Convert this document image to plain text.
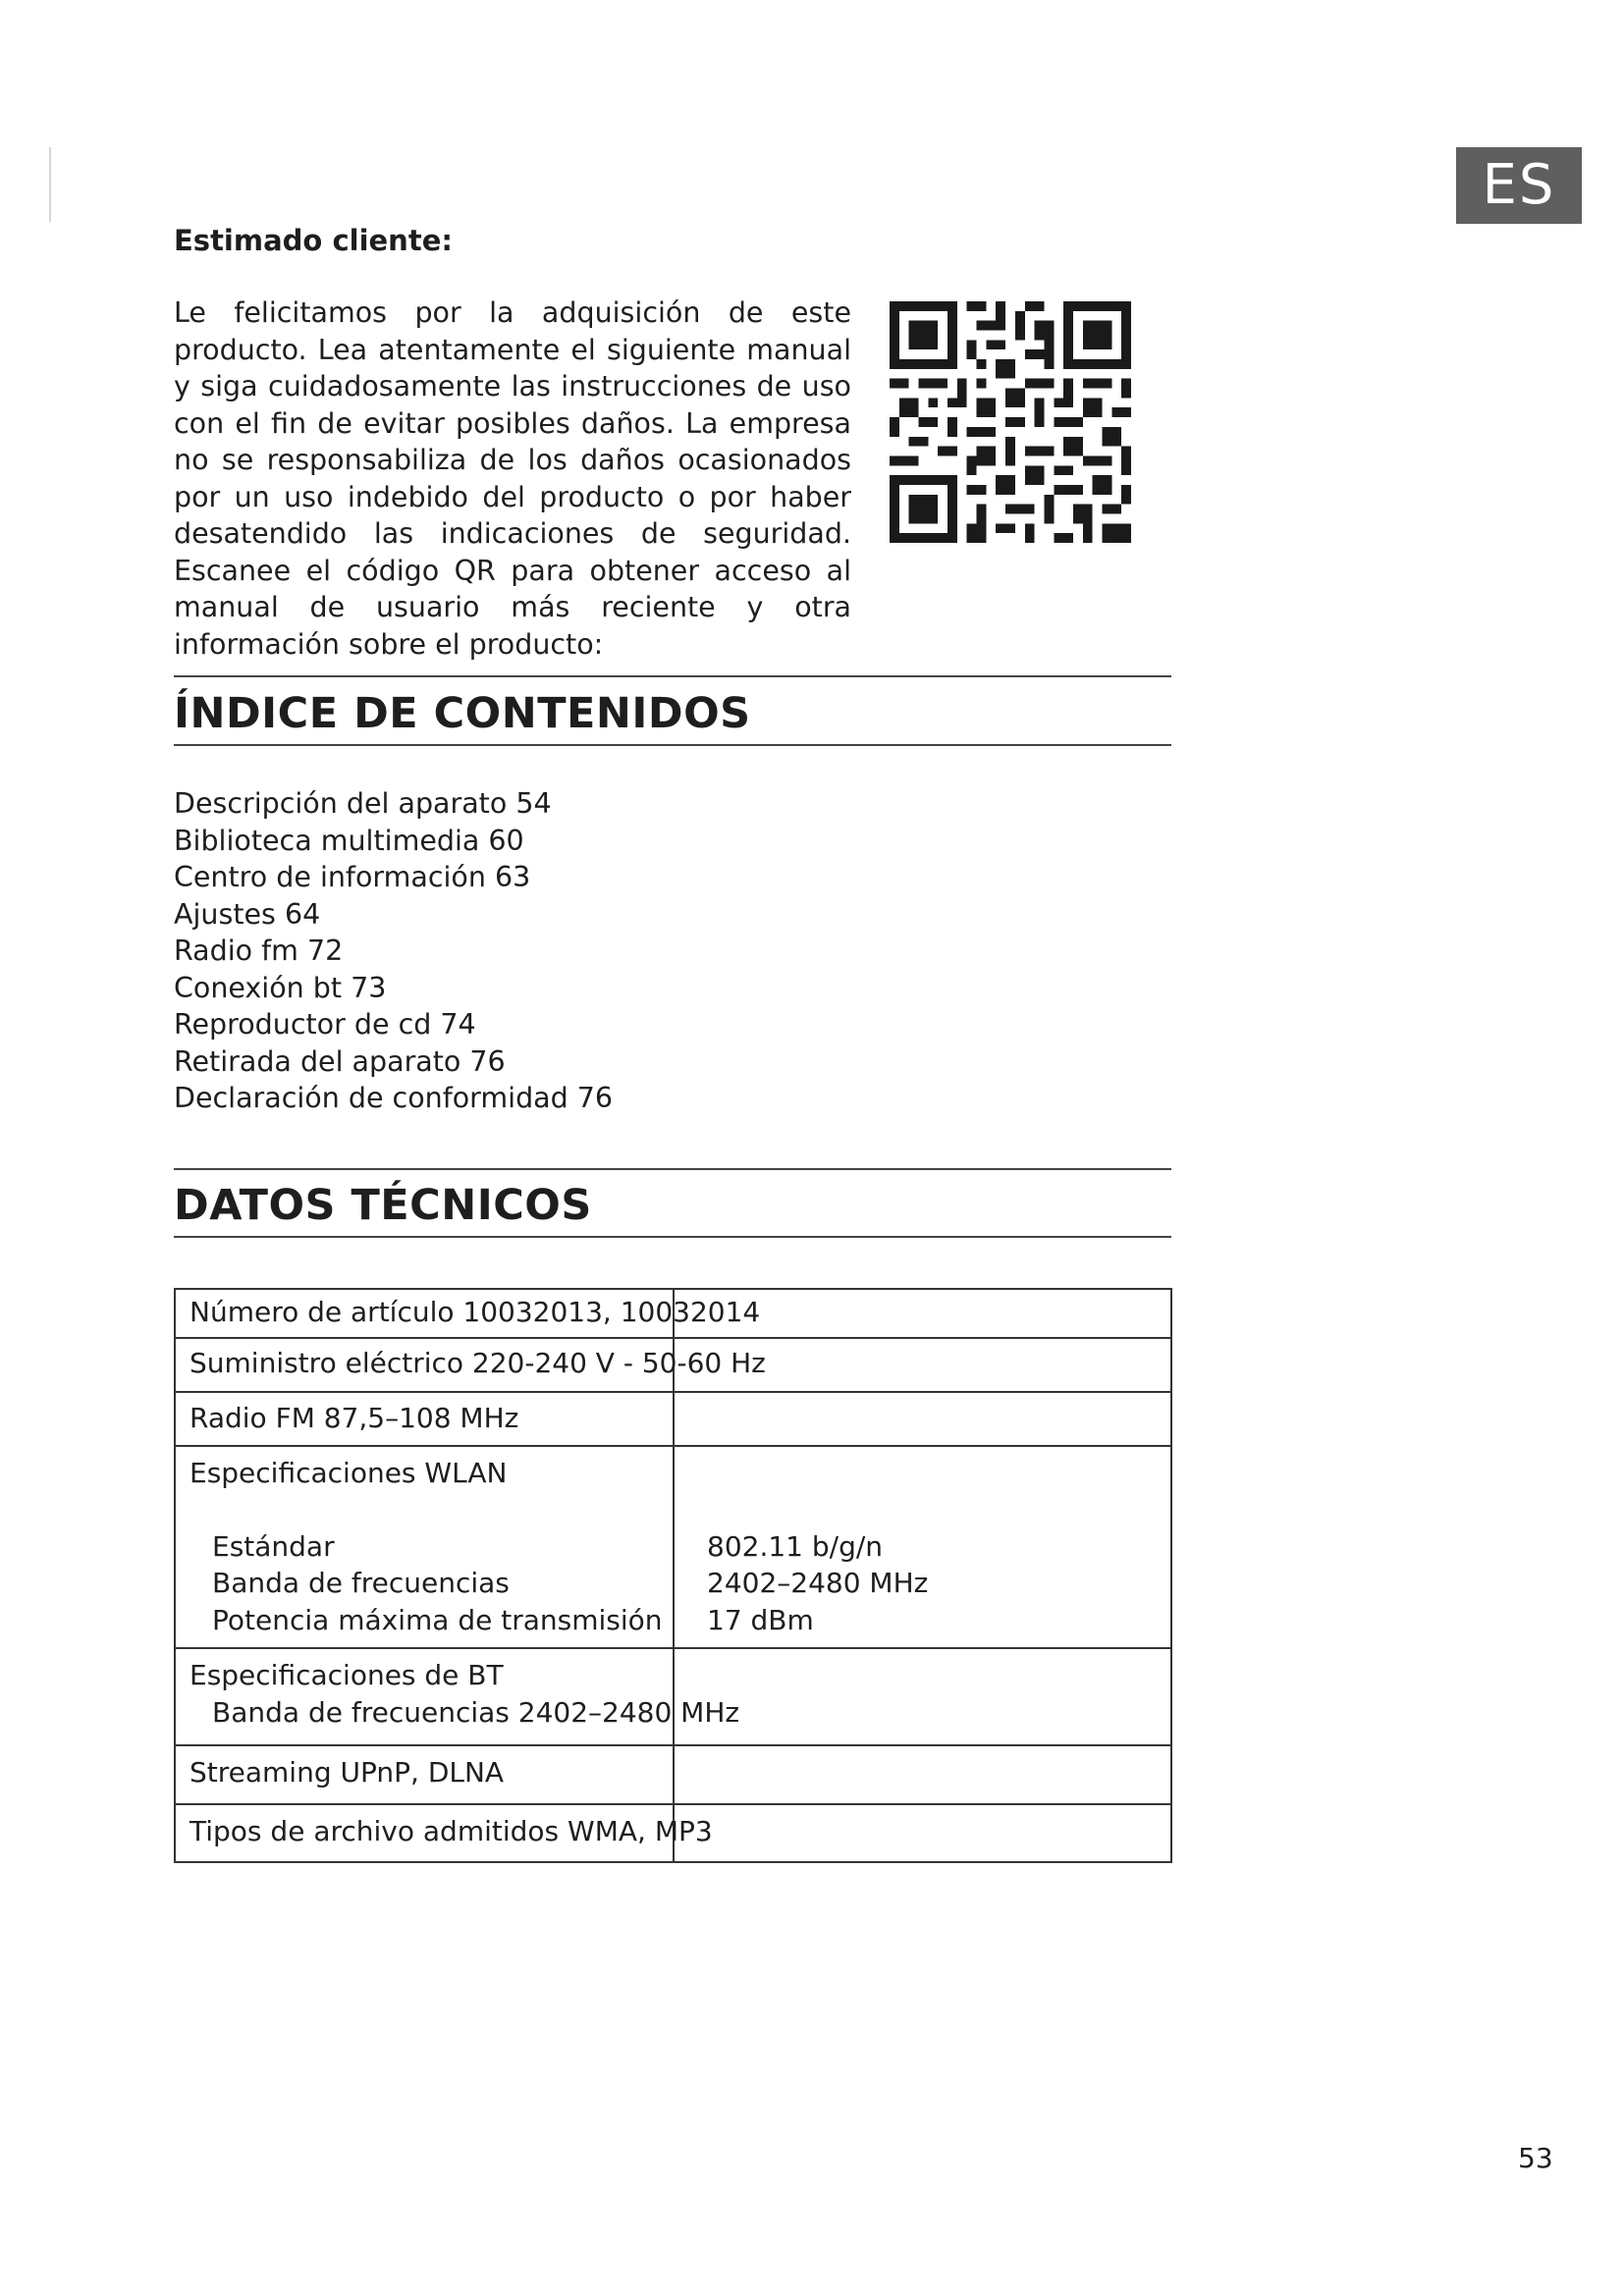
ES
Estimado cliente:

Le felicitamos por la adquisición de este producto. Lea atentamente el siguiente manual y siga cuidadosamente las instrucciones de uso con el fin de evitar posibles daños. La empresa no se responsabiliza de los daños ocasionados por un uso indebido del producto o por haber desatendido las indicaciones de seguridad. Escanee el código QR para obtener acceso al manual de usuario más reciente y otra información sobre el producto:

ÍNDICE DE CONTENIDOS
Descripción del aparato 54
Biblioteca multimedia 60
Centro de información 63
Ajustes 64
Radio fm 72
Conexión bt 73
Reproductor de cd 74
Retirada del aparato 76
Declaración de conformidad 76
DATOS TÉCNICOS
Número de artículo 10032013, 10032014
Suministro eléctrico 220-240 V - 50-60 Hz
Radio FM 87,5–108 MHz
Especificaciones WLAN
Estándar	802.11 b/g/n
Banda de frecuencias	2402–2480 MHz
Potencia máxima de transmisión 17 dBm
Especificaciones de BT
Banda de frecuencias 2402–2480 MHz
Streaming UPnP, DLNA
Tipos de archivo admitidos WMA, MP3
53
